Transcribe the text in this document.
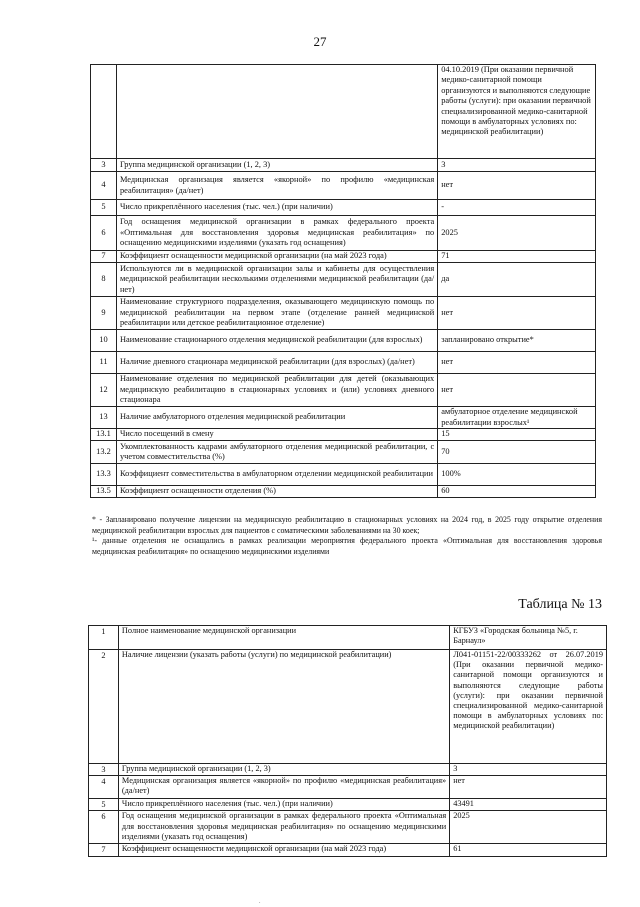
27
		04.10.2019 (При оказании первичной медико-санитарной помощи организуются и выполняются следующие работы (услуги): при оказании первичной специализированной медико-санитарной помощи в амбулаторных условиях по: медицинской реабилитации)
3	Группа медицинской организации (1, 2, 3)	3
4	Медицинская организация является «якорной» по профилю «медицинская реабилитация» (да/нет)	нет
5	Число прикреплённого населения (тыс. чел.) (при наличии)	-
6	Год оснащения медицинской организации в рамках федерального проекта «Оптимальная для восстановления здоровья медицинская реабилитация» по оснащению медицинскими изделиями (указать год оснащения)	2025
7	Коэффициент оснащенности медицинской организации (на май 2023 года)	71
8	Используются ли в медицинской организации залы и кабинеты для осуществления медицинской реабилитации несколькими отделениями медицинской реабилитации (да/нет)	да
9	Наименование структурного подразделения, оказывающего медицинскую помощь по медицинской реабилитации на первом этапе (отделение ранней медицинской реабилитации или детское реабилитационное отделение)	нет
10	Наименование стационарного отделения медицинской реабилитации (для взрослых)	запланировано открытие*
11	Наличие дневного стационара медицинской реабилитации (для взрослых) (да/нет)	нет
12	Наименование отделения по медицинской реабилитации для детей (оказывающих медицинскую реабилитацию в стационарных условиях и (или) условиях дневного стационара	нет
13	Наличие амбулаторного отделения медицинской реабилитации	амбулаторное отделение медицинской реабилитации взрослых¹
13.1	Число посещений в смену	15
13.2	Укомплектованность кадрами амбулаторного отделения медицинской реабилитации, с учетом совместительства (%)	70
13.3	Коэффициент совместительства в амбулаторном отделении медицинской реабилитации	100%
13.5	Коэффициент оснащенности отделения (%)	60
* - Запланировано получение лицензии на медицинскую реабилитацию в стационарных условиях на 2024 год, в 2025 году открытие отделения медицинской реабилитации взрослых для пациентов с соматическими заболеваниями на 30 коек;
¹- данные отделения не оснащались в рамках реализации мероприятия федерального проекта «Оптимальная для восстановления здоровья медицинская реабилитация» по оснащению медицинскими изделиями
Таблица № 13
1	Полное наименование медицинской организации	КГБУЗ «Городская больница №5, г. Барнаул»
2	Наличие лицензии (указать работы (услуги) по медицинской реабилитации)	Л041-01151-22/00333262 от 26.07.2019 (При оказании первичной медико-санитарной помощи организуются и выполняются следующие работы (услуги): при оказании первичной специализированной медико-санитарной помощи в амбулаторных условиях по: медицинской реабилитации)
3	Группа медицинской организации (1, 2, 3)	3
4	Медицинская организация является «якорной» по профилю «медицинская реабилитация» (да/нет)	нет
5	Число прикреплённого населения (тыс. чел.) (при наличии)	43491
6	Год оснащения медицинской организации в рамках федерального проекта «Оптимальная для восстановления здоровья медицинская реабилитация» по оснащению медицинскими изделиями (указать год оснащения)	2025
7	Коэффициент оснащенности медицинской организации (на май 2023 года)	61
.
